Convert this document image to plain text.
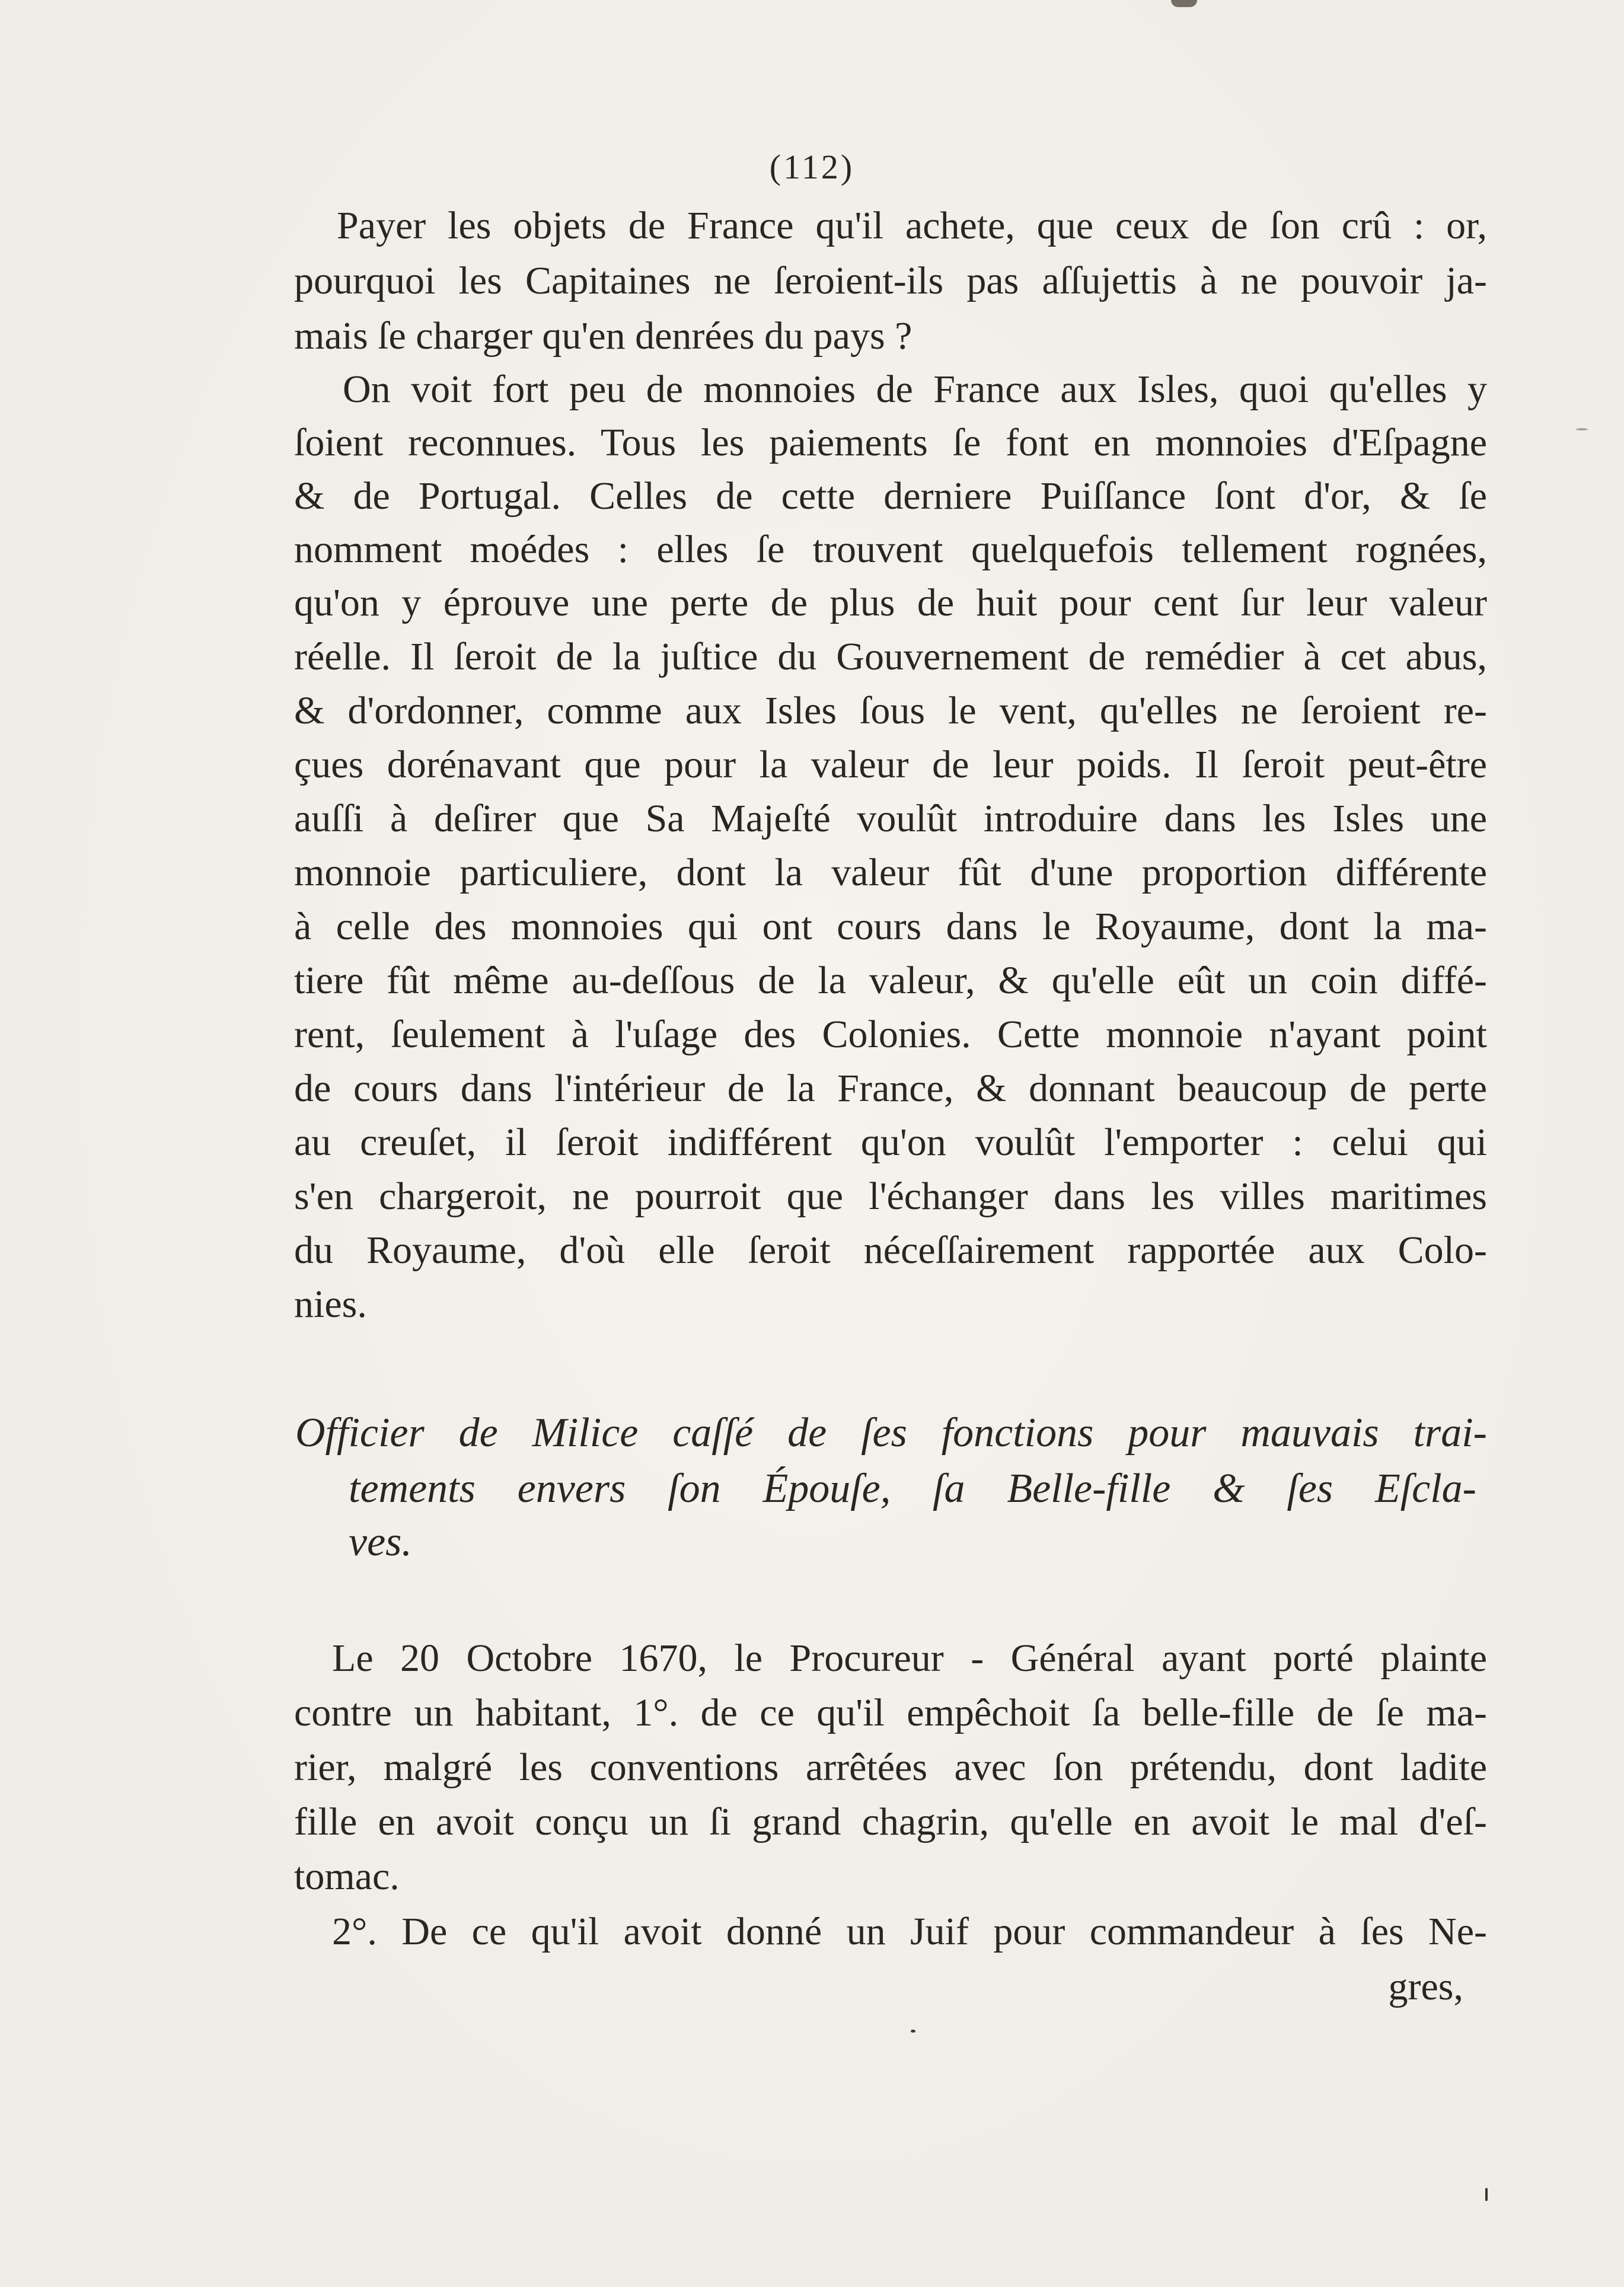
(112)
Payer les objets de France qu'il achete, que ceux de ſon crû : or,
pourquoi les Capitaines ne ſeroient-ils pas aſſujettis à ne pouvoir ja-
mais ſe charger qu'en denrées du pays ?
On voit fort peu de monnoies de France aux Isles, quoi qu'elles y
ſoient reconnues. Tous les paiements ſe font en monnoies d'Eſpagne
& de Portugal. Celles de cette derniere Puiſſance ſont d'or, & ſe
nomment moédes : elles ſe trouvent quelquefois tellement rognées,
qu'on y éprouve une perte de plus de huit pour cent ſur leur valeur
réelle. Il ſeroit de la juſtice du Gouvernement de remédier à cet abus,
& d'ordonner, comme aux Isles ſous le vent, qu'elles ne ſeroient re-
çues dorénavant que pour la valeur de leur poids. Il ſeroit peut-être
auſſi à deſirer que Sa Majeſté voulût introduire dans les Isles une
monnoie particuliere, dont la valeur fût d'une proportion différente
à celle des monnoies qui ont cours dans le Royaume, dont la ma-
tiere fût même au-deſſous de la valeur, & qu'elle eût un coin diffé-
rent, ſeulement à l'uſage des Colonies. Cette monnoie n'ayant point
de cours dans l'intérieur de la France, & donnant beaucoup de perte
au creuſet, il ſeroit indifférent qu'on voulût l'emporter : celui qui
s'en chargeroit, ne pourroit que l'échanger dans les villes maritimes
du Royaume, d'où elle ſeroit néceſſairement rapportée aux Colo-
nies.
Officier de Milice caſſé de ſes fonctions pour mauvais trai-
tements envers ſon Épouſe, ſa Belle-fille & ſes Eſcla-
ves.
Le 20 Octobre 1670, le Procureur - Général ayant porté plainte
contre un habitant, 1°. de ce qu'il empêchoit ſa belle-fille de ſe ma-
rier, malgré les conventions arrêtées avec ſon prétendu, dont ladite
fille en avoit conçu un ſi grand chagrin, qu'elle en avoit le mal d'eſ-
tomac.
2°. De ce qu'il avoit donné un Juif pour commandeur à ſes Ne-
gres,
